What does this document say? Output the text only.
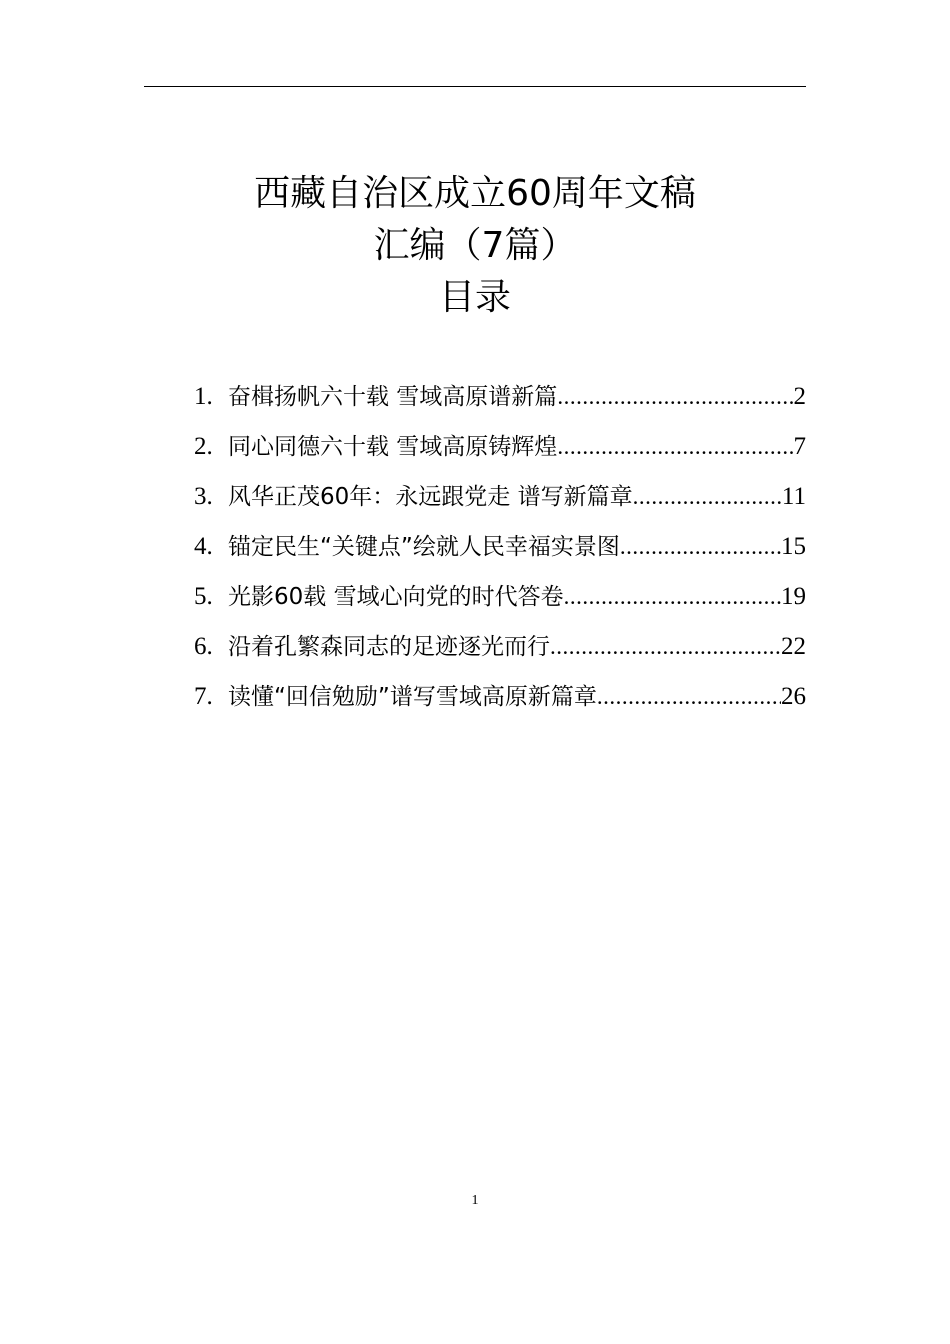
西藏自治区成立60周年文稿
汇编（7篇）
目录
1. 奋楫扬帆六十载 雪域高原谱新篇 .....	2
2. 同心同德六十载 雪域高原铸辉煌 .....	7
3. 风华正茂60年：永远跟党走 谱写新篇章 .....	11
4. 锚定民生“关键点”绘就人民幸福实景图 .....	15
5. 光影60载 雪域心向党的时代答卷 .....	19
6. 沿着孔繁森同志的足迹逐光而行 .....	22
7. 读懂“回信勉励”谱写雪域高原新篇章 .....	26
1
